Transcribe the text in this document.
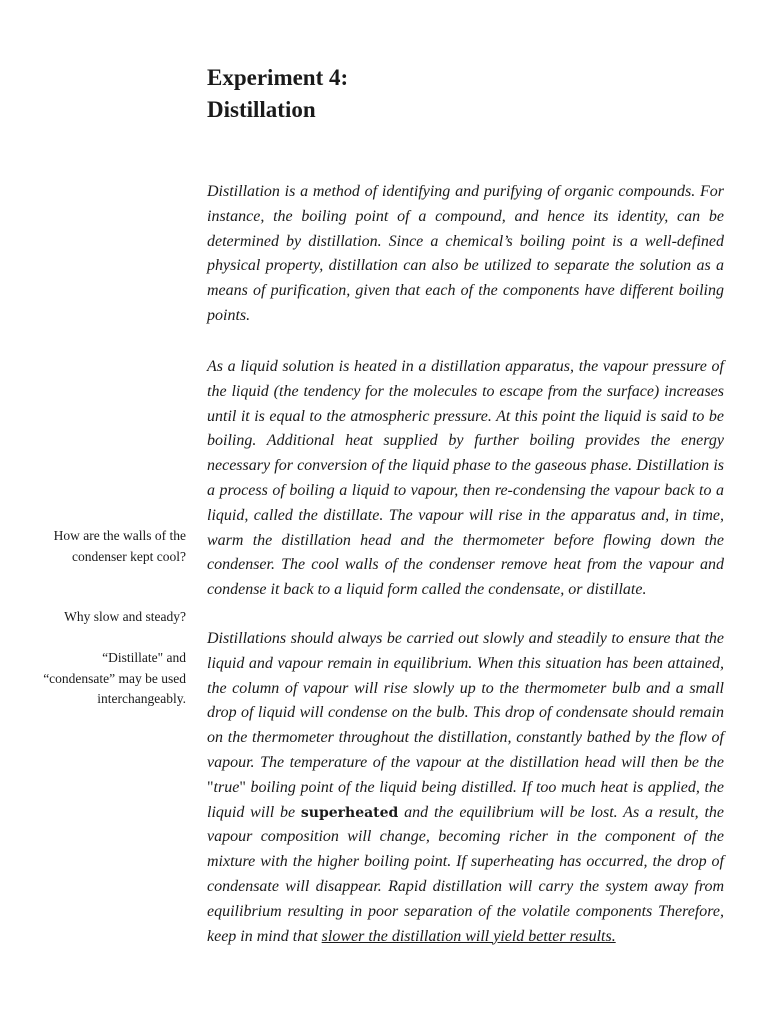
Experiment 4:
Distillation

Distillation is a method of identifying and purifying of organic compounds. For instance, the boiling point of a compound, and hence its identity, can be determined by distillation. Since a chemical’s boiling point is a well-defined physical property, distillation can also be utilized to separate the solution as a means of purification, given that each of the components have different boiling points.

As a liquid solution is heated in a distillation apparatus, the vapour pressure of the liquid (the tendency for the molecules to escape from the surface) increases until it is equal to the atmospheric pressure. At this point the liquid is said to be boiling. Additional heat supplied by further boiling provides the energy necessary for conversion of the liquid phase to the gaseous phase. Distillation is a process of boiling a liquid to vapour, then re-condensing the vapour back to a liquid, called the distillate. The vapour will rise in the apparatus and, in time, warm the distillation head and the thermometer before flowing down the condenser. The cool walls of the condenser remove heat from the vapour and condense it back to a liquid form called the condensate, or distillate.

Distillations should always be carried out slowly and steadily to ensure that the liquid and vapour remain in equilibrium. When this situation has been attained, the column of vapour will rise slowly up to the thermometer bulb and a small drop of liquid will condense on the bulb. This drop of condensate should remain on the thermometer throughout the distillation, constantly bathed by the flow of vapour. The temperature of the vapour at the distillation head will then be the "true" boiling point of the liquid being distilled. If too much heat is applied, the liquid will be superheated and the equilibrium will be lost. As a result, the vapour composition will change, becoming richer in the component of the mixture with the higher boiling point. If superheating has occurred, the drop of condensate will disappear. Rapid distillation will carry the system away from equilibrium resulting in poor separation of the volatile components Therefore, keep in mind that slower the distillation will yield better results.

How are the walls of the condenser kept cool?

Why slow and steady?

“Distillate" and “condensate” may be used interchangeably.
